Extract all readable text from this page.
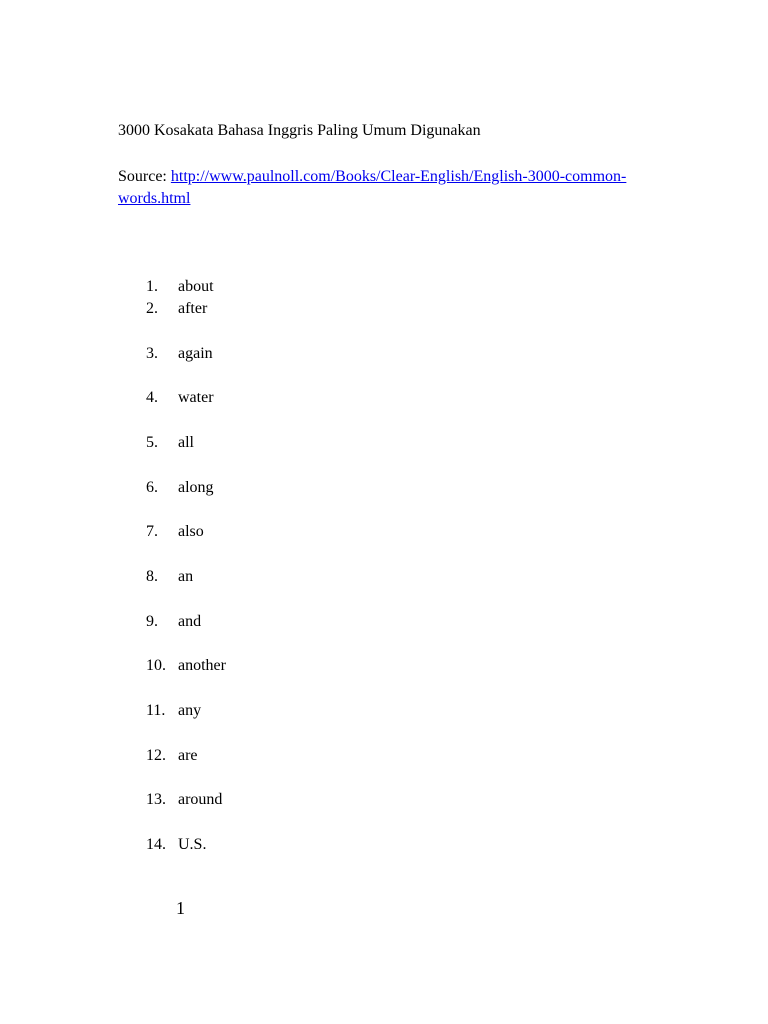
3000 Kosakata Bahasa Inggris Paling Umum Digunakan
Source: http://www.paulnoll.com/Books/Clear-English/English-3000-common-words.html
1.	about
2.	after
3.	again
4.	water
5.	all
6.	along
7.	also
8.	an
9.	and
10. another
11. any
12. are
13. around
14. U.S.
1
